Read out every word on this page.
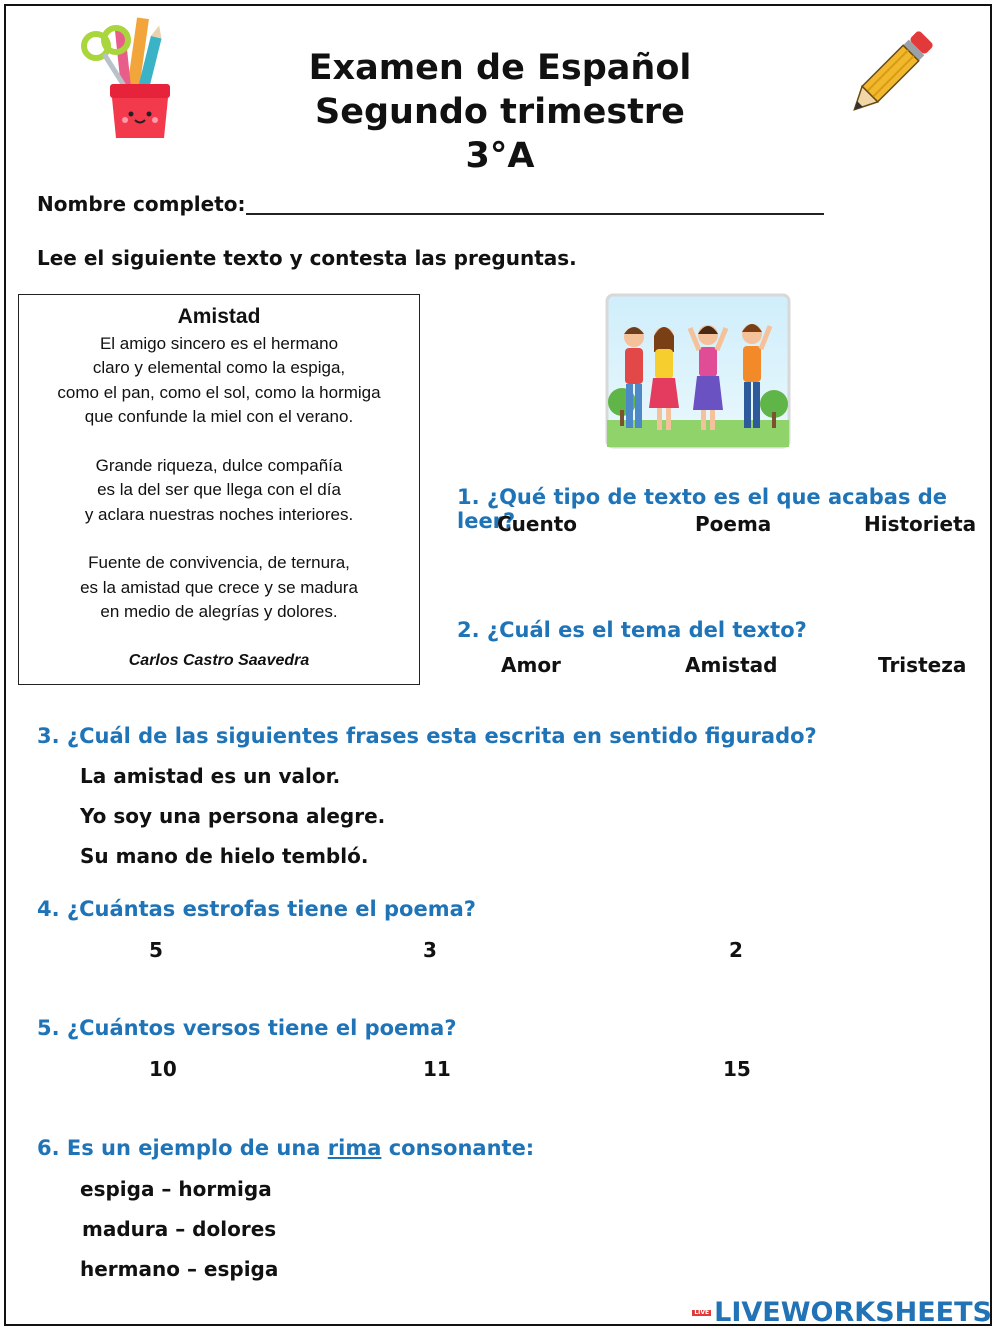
Examen de Español
Segundo trimestre
3°A
Nombre completo:
Lee el siguiente texto y contesta las preguntas.
Amistad
El amigo sincero es el hermano
claro y elemental como la espiga,
como el pan, como el sol, como la hormiga
que confunde la miel con el verano.
Grande riqueza, dulce compañía
es la del ser que llega con el día
y aclara nuestras noches interiores.
Fuente de convivencia, de ternura,
es la amistad que crece y se madura
en medio de alegrías y dolores.
Carlos Castro Saavedra
1. ¿Qué tipo de texto es el que acabas de leer?
Cuento	Poema	Historieta
2. ¿Cuál es el tema del texto?
Amor	Amistad	Tristeza
3. ¿Cuál de las siguientes frases esta escrita en sentido figurado?
La amistad es un valor.
Yo soy una persona alegre.
Su mano de hielo tembló.
4. ¿Cuántas estrofas tiene el poema?
5	3	2
5. ¿Cuántos versos tiene el poema?
10	11	15
6. Es un ejemplo de una rima consonante:
espiga – hormiga
madura – dolores
hermano – espiga
LIVE LIVEWORKSHEETS
